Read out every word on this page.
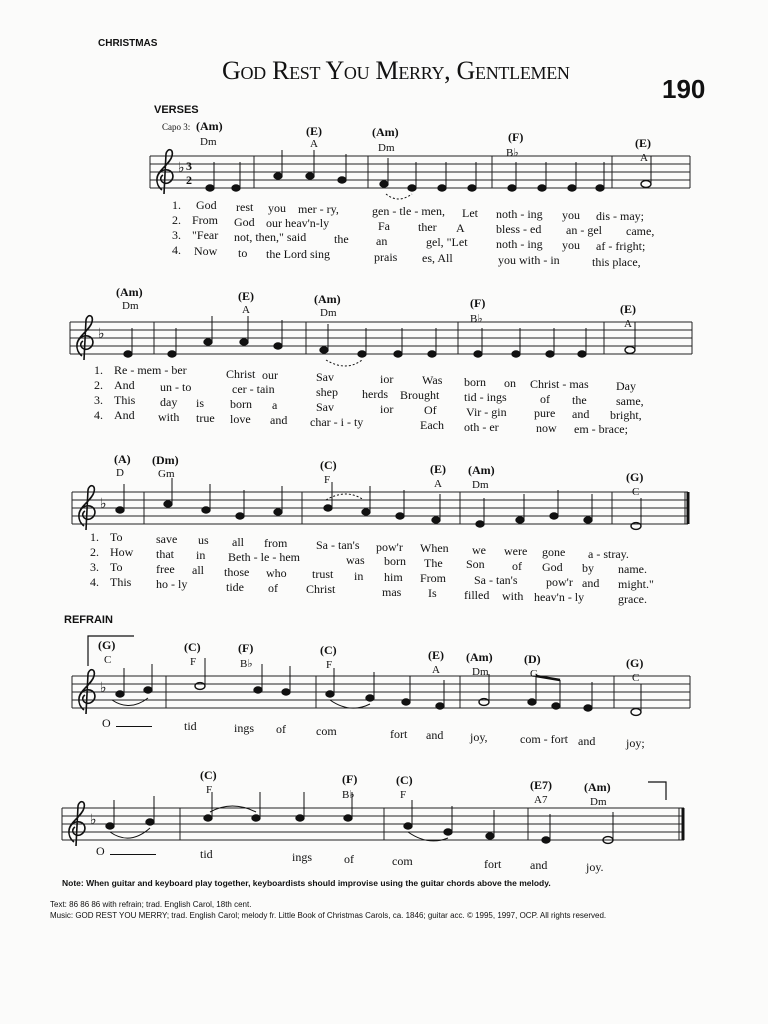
CHRISTMAS
God Rest You Merry, Gentlemen
190
VERSES
Capo 3: (Am)
REFRAIN
♭ 3
2
♭
♭
♭
♭
(E)	(Am)	(F)	(E)
Dm	A	Dm	B♭	A
1. God rest you mer - ry,	gen - tle - men, Let noth - ing you dis - may;
2. From God our heav'n-ly	Fa ther A	bless - ed an - gel came,
3. "Fear not, then," said the an	gel, "Let noth - ing you af - fright;
4. Now to the Lord sing	prais es, All	you with - in	this place,
(Am)	(E)	(Am)	(F)	(E)
Dm	A	Dm	B♭	A
1. Re - mem - ber	Christ our	Sav	ior Was born on Christ - mas Day
2. And un - to	cer - tain	shep herds Brought tid - ings	of the same,
3. This day is born a	Sav	ior	Of Vir - gin pure and bright,
4. And with true love and char - i - ty	Each oth - er	now em - brace;
(A) (Dm)	(C)	(E) (Am)	(G)
D	Gm	F	A	Dm
C
1. To	save us all from Sa - tan's pow'r When we were gone a - stray.
2. How that in Beth - le - hem	was born The Son of God by name.
3. To	free all those who trust in him From Sa - tan's pow'r and might."
4. This ho - ly	tide of Christ	mas Is filled with heav'n - ly	grace.
(G)	(C)	(F)	(C)	(E) (Am)	(D)	(G)
C	F	B♭	F	A	Dm	G	C
O	tid	ings of	com	fort and joy,	com - fort and	joy;
(C)	(F)	(C)	(E7)	(Am)
F	B♭	F	A7	Dm
O	tid	ings	of	com	fort and	joy.
Note: When guitar and keyboard play together, keyboardists should improvise using the guitar chords above the melody.
Text: 86 86 86 with refrain; trad. English Carol, 18th cent.
Music: GOD REST YOU MERRY; trad. English Carol; melody fr. Little Book of Christmas Carols, ca. 1846; guitar acc. © 1995, 1997, OCP. All rights reserved.
